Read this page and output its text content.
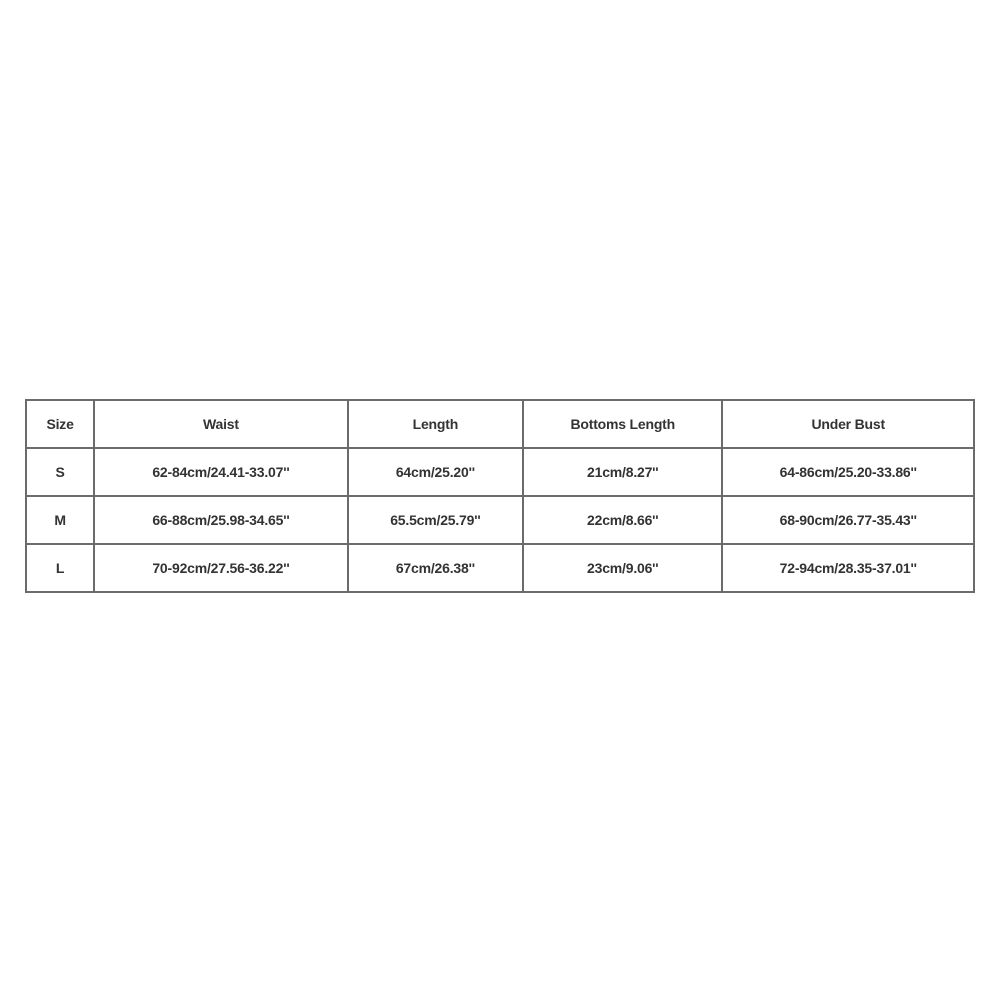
Size	Waist	Length	Bottoms Length	Under Bust
S	62-84cm/24.41-33.07''	64cm/25.20''	21cm/8.27''	64-86cm/25.20-33.86''
M	66-88cm/25.98-34.65''	65.5cm/25.79''	22cm/8.66''	68-90cm/26.77-35.43''
L	70-92cm/27.56-36.22''	67cm/26.38''	23cm/9.06''	72-94cm/28.35-37.01''
